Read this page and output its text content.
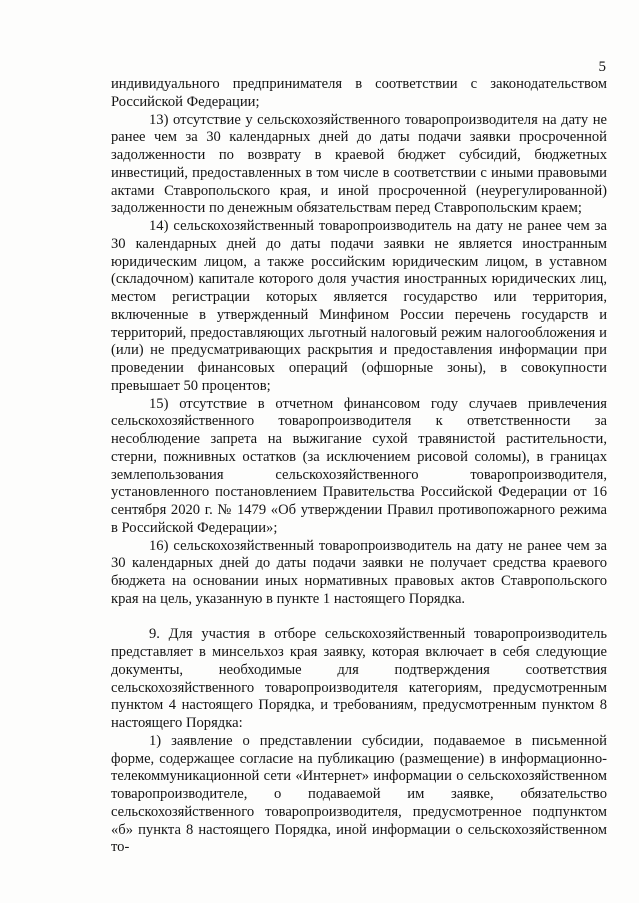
5

индивидуального предпринимателя в соответствии с законодательством Российской Федерации;

13) отсутствие у сельскохозяйственного товаропроизводителя на дату не ранее чем за 30 календарных дней до даты подачи заявки просроченной задолженности по возврату в краевой бюджет субсидий, бюджетных инвестиций, предоставленных в том числе в соответствии с иными правовыми актами Ставропольского края, и иной просроченной (неурегулированной) задолженности по денежным обязательствам перед Ставропольским краем;

14) сельскохозяйственный товаропроизводитель на дату не ранее чем за 30 календарных дней до даты подачи заявки не является иностранным юридическим лицом, а также российским юридическим лицом, в уставном (складочном) капитале которого доля участия иностранных юридических лиц, местом регистрации которых является государство или территория, включенные в утвержденный Минфином России перечень государств и территорий, предоставляющих льготный налоговый режим налогообложения и (или) не предусматривающих раскрытия и предоставления информации при проведении финансовых операций (офшорные зоны), в совокупности превышает 50 процентов;

15) отсутствие в отчетном финансовом году случаев привлечения сельскохозяйственного товаропроизводителя к ответственности за несоблюдение запрета на выжигание сухой травянистой растительности, стерни, пожнивных остатков (за исключением рисовой соломы), в границах землепользования сельскохозяйственного товаропроизводителя, установленного постановлением Правительства Российской Федерации от 16 сентября 2020 г. № 1479 «Об утверждении Правил противопожарного режима в Российской Федерации»;

16) сельскохозяйственный товаропроизводитель на дату не ранее чем за 30 календарных дней до даты подачи заявки не получает средства краевого бюджета на основании иных нормативных правовых актов Ставропольского края на цель, указанную в пункте 1 настоящего Порядка.

9. Для участия в отборе сельскохозяйственный товаропроизводитель представляет в минсельхоз края заявку, которая включает в себя следующие документы, необходимые для подтверждения соответствия сельскохозяйственного товаропроизводителя категориям, предусмотренным пунктом 4 настоящего Порядка, и требованиям, предусмотренным пунктом 8 настоящего Порядка:

1) заявление о представлении субсидии, подаваемое в письменной форме, содержащее согласие на публикацию (размещение) в информационно-телекоммуникационной сети «Интернет» информации о сельскохозяйственном товаропроизводителе, о подаваемой им заявке, обязательство сельскохозяйственного товаропроизводителя, предусмотренное подпунктом «б» пункта 8 настоящего Порядка, иной информации о сельскохозяйственном то-
